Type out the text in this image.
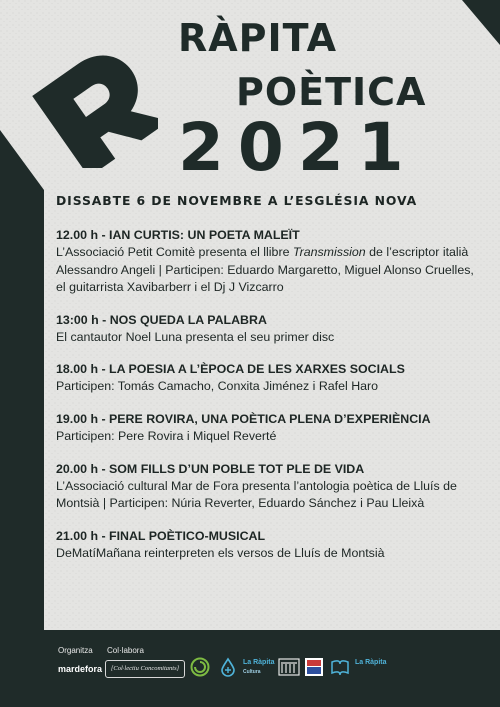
RÀPITA
POÈTICA
2021
DISSABTE 6 DE NOVEMBRE A L’ESGLÉSIA NOVA

12.00 h - IAN CURTIS: UN POETA MALEÏT

L’Associació Petit Comitè presenta el llibre Transmission de l’escriptor italià Alessandro Angeli | Participen: Eduardo Margaretto, Miguel Alonso Cruelles, el guitarrista Xavibarberr i el Dj J Vizcarro

13:00 h - NOS QUEDA LA PALABRA

El cantautor Noel Luna presenta el seu primer disc

18.00 h - LA POESIA A L’ÈPOCA DE LES XARXES SOCIALS

Participen: Tomás Camacho, Conxita Jiménez i Rafel Haro

19.00 h - PERE ROVIRA, UNA POÈTICA PLENA D’EXPERIÈNCIA

Participen: Pere Rovira i Miquel Reverté

20.00 h - SOM FILLS D’UN POBLE TOT PLE DE VIDA

L’Associació cultural Mar de Fora presenta l’antologia poètica de Lluís de Montsià | Participen: Núria Reverter, Eduardo Sánchez i Pau Lleixà

21.00 h - FINAL POÈTICO-MUSICAL

DeMatíMañana reinterpreten els versos de Lluís de Montsià

Organitza Col·labora
mardefora	[Col·lectiu Concomitants]
La Ràpita
Cultura
La Ràpita
